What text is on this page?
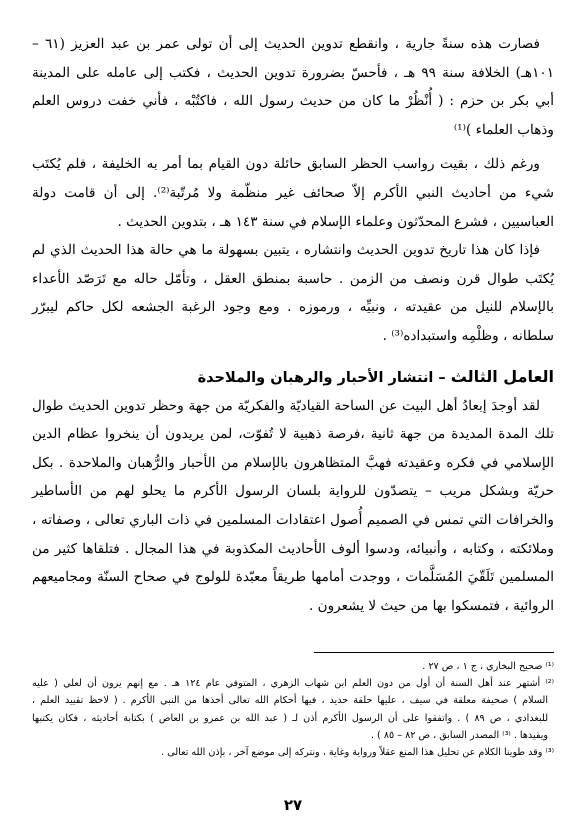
فصارت هذه سنةً جارية ، وانقطع تدوين الحديث إلى أن تولى عمر بن عبد العزيز (٦١ –
١٠١هـ) الخلافة سنة ٩٩ هـ ، فأحسّ بضرورة تدوين الحديث ، فكتب إلى عامله على المدينة
أبي بكر بن حزم : ( أُنْظُرْ ما كان من حديث رسول الله ، فاكتُبْه ، فأني خفت دروس العلم
وذهاب العلماء )⁽¹⁾
ورغم ذلك ، بقيت رواسب الحظر السابق حائلة دون القيام بما أمر به الخليفة ، فلم يُكتَب
شيء من أحاديث النبي الأكرم إلاّ صحائف غير منظّمة ولا مُرتّبة⁽²⁾. إلى أن قامت دولة
العباسيين ، فشرع المحدّثون وعلماء الإسلام في سنة ١٤٣ هـ ، بتدوين الحديث .
فإذا كان هذا تاريخ تدوين الحديث وانتشاره ، يتبين بسهولة ما هي حالة هذا الحديث الذي لم
يُكتَب طوال قرن ونصف من الزمن . حاسبة بمنطق العقل ، وتأمّل حاله مع تَرَصّد الأعداء
بالإسلام للنيل من عقيدته ، ونبيِّه ، ورموزه . ومع وجود الرغبة الجشعه لكل حاكم ليبرّر
سلطانه ، وظلْمِه واستبداده⁽³⁾ .
العامل الثالث – انتشار الأحبار والرهبان والملاحدة
لقد أوجدَ إبعادُ أهل البيت عن الساحة القياديّة والفكريّة من جهة وحظر تدوين الحديث طوال
تلك المدة المديدة من جهة ثانية ،فرصة ذهبية لا تُفوّت، لمن يريدون أن ينخروا عظام الدين
الإسلامي في فكره وعقيدته فهبَّ المتظاهرون بالإسلام من الأحبار والرُّهبان والملاحدة . بكل
حريّة وبشكل مريب – يتصدّون للرواية بلسان الرسول الأكرم ما يحلو لهم من الأساطير
والخرافات التي تمس في الصميم أُصول اعتقادات المسلمين في ذات الباري تعالى ، وصفاته ،
وملائكته ، وكتابه ، وأنبيائه، ودسوا ألوف الأحاديث المكذوبة في هذا المجال . فتلقاها كثير من
المسلمين تَلَقّيَ المُسَلَّمات ، ووجدت أمامها طريقاً معبّدة للولوج في صحاح السنّة ومجاميعهم
الروائية ، فتمسكوا بها من حيث لا يشعرون .
⁽¹⁾ صحيح البخاري ، ج ١ ، ص ٢٧ .
⁽²⁾ أشتهر عند أهل السنة أن أول من دون العلم ابن شهاب الزهري ، المتوفي عام ١٢٤ هـ . مع إنهم يرون أن لعلي ( عليه
السلام ) صحيفة معلقة في سيف ، عليها حلقة حديد ، فيها أحكام الله تعالى أخذها من النبي الأكرم . ( لاحظ تقييد العلم ،
للبغدادي ، ص ٨٩ ) . واتفقوا على أن الرسول الأكرم أذن لـ ( عبد الله بن عمرو بن العاص ) بكتابة أحاديثه ، فكان يكتبها
ويقيدها . ⁽³⁾ المصدر السابق ، ص ٨٢ – ٨٥ ) .
⁽³⁾ وقد طوينا الكلام عن تحليل هذا المنع عقلاً ورواية وغاية ، ونتركه إلى موضع آخر ، بإذن الله تعالى .
٢٧
